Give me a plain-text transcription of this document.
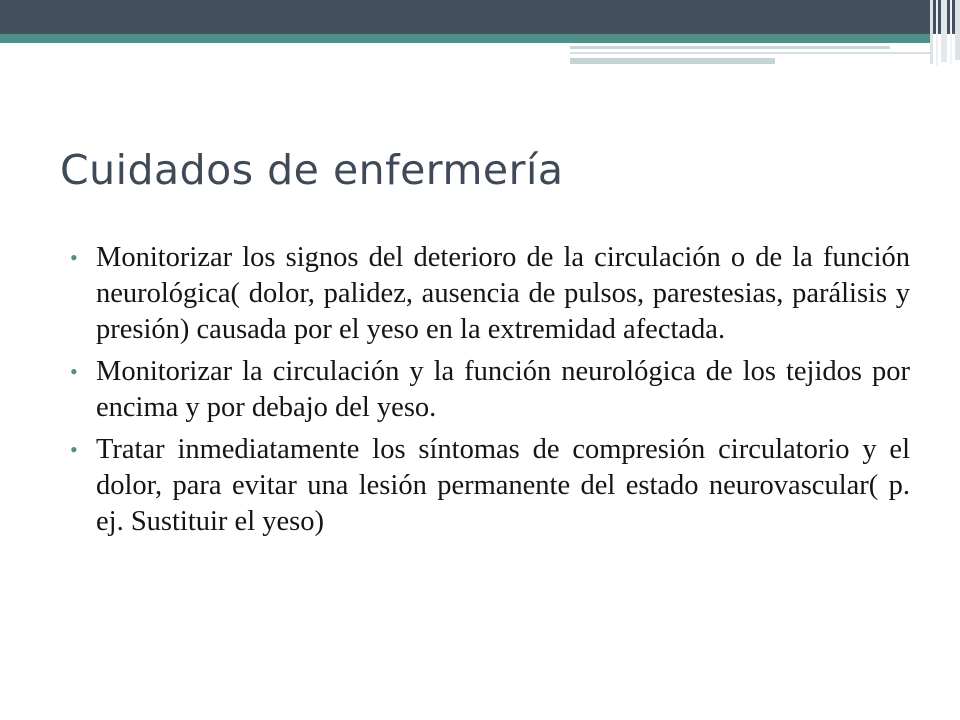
Cuidados de enfermería
• Monitorizar los signos del deterioro de la circulación o de la función neurológica( dolor, palidez, ausencia de pulsos, parestesias, parálisis y presión) causada por el yeso en la extremidad afectada.
• Monitorizar la circulación y la función neurológica de los tejidos por encima y por debajo del yeso.
• Tratar inmediatamente los síntomas de compresión circulatorio y el dolor, para evitar una lesión permanente del estado neurovascular( p. ej. Sustituir el yeso)
